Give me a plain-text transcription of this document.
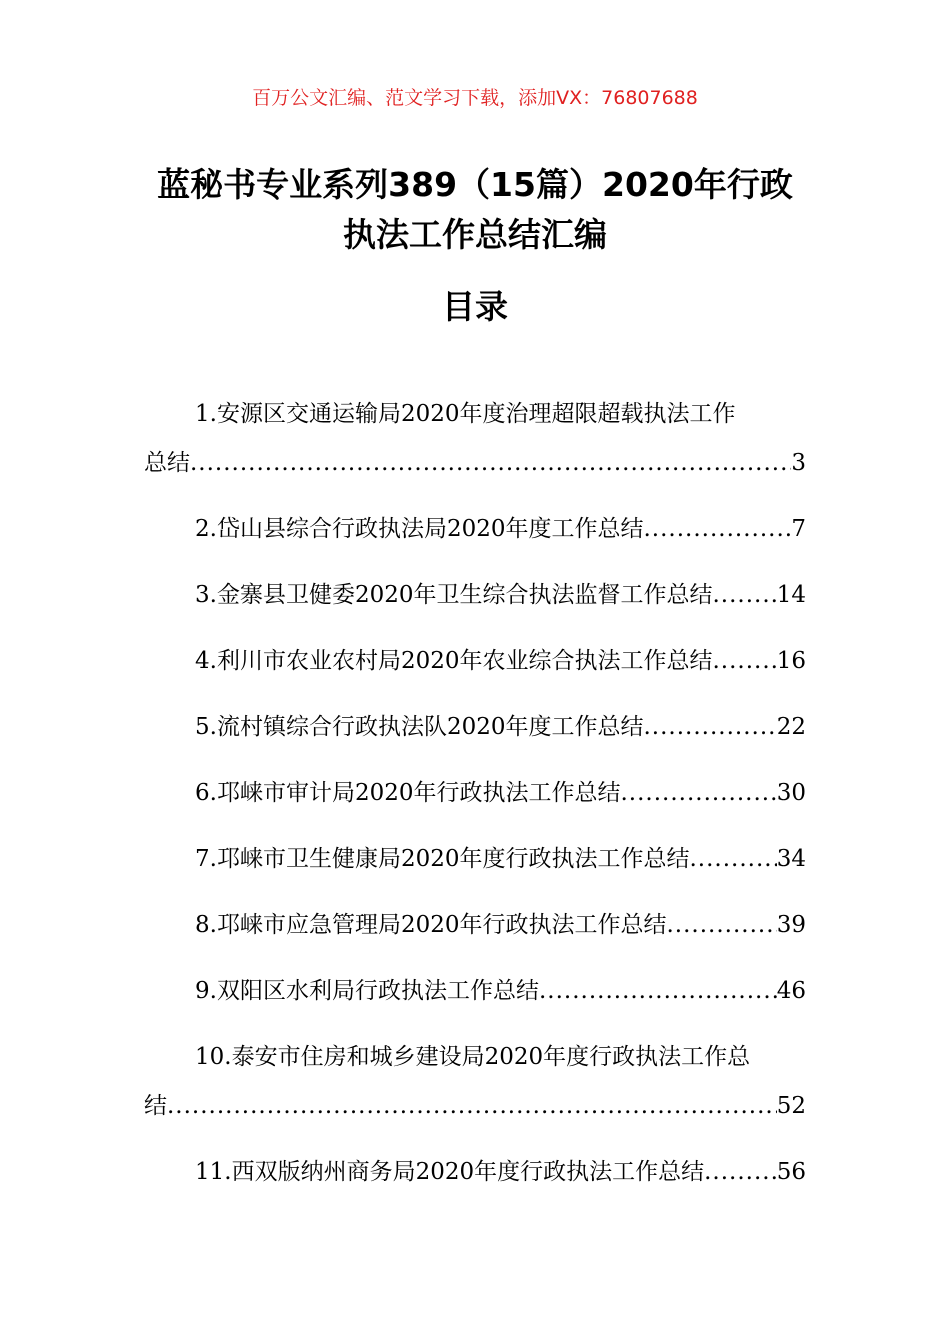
百万公文汇编、范文学习下载，添加VX：76807688
蓝秘书专业系列389（15篇）2020年行政
执法工作总结汇编
目录
1.安源区交通运输局2020年度治理超限超载执法工作
总结 .....	3
2.岱山县综合行政执法局2020年度工作总结 .....	7
3.金寨县卫健委2020年卫生综合执法监督工作总结 .....	14
4.利川市农业农村局2020年农业综合执法工作总结 .....	16
5.流村镇综合行政执法队2020年度工作总结 .....	22
6.邛崃市审计局2020年行政执法工作总结 .....	30
7.邛崃市卫生健康局2020年度行政执法工作总结 .....	34
8.邛崃市应急管理局2020年行政执法工作总结 .....	39
9.双阳区水利局行政执法工作总结 .....	46
10.泰安市住房和城乡建设局2020年度行政执法工作总
结 .....	52
11.西双版纳州商务局2020年度行政执法工作总结 .....	56
